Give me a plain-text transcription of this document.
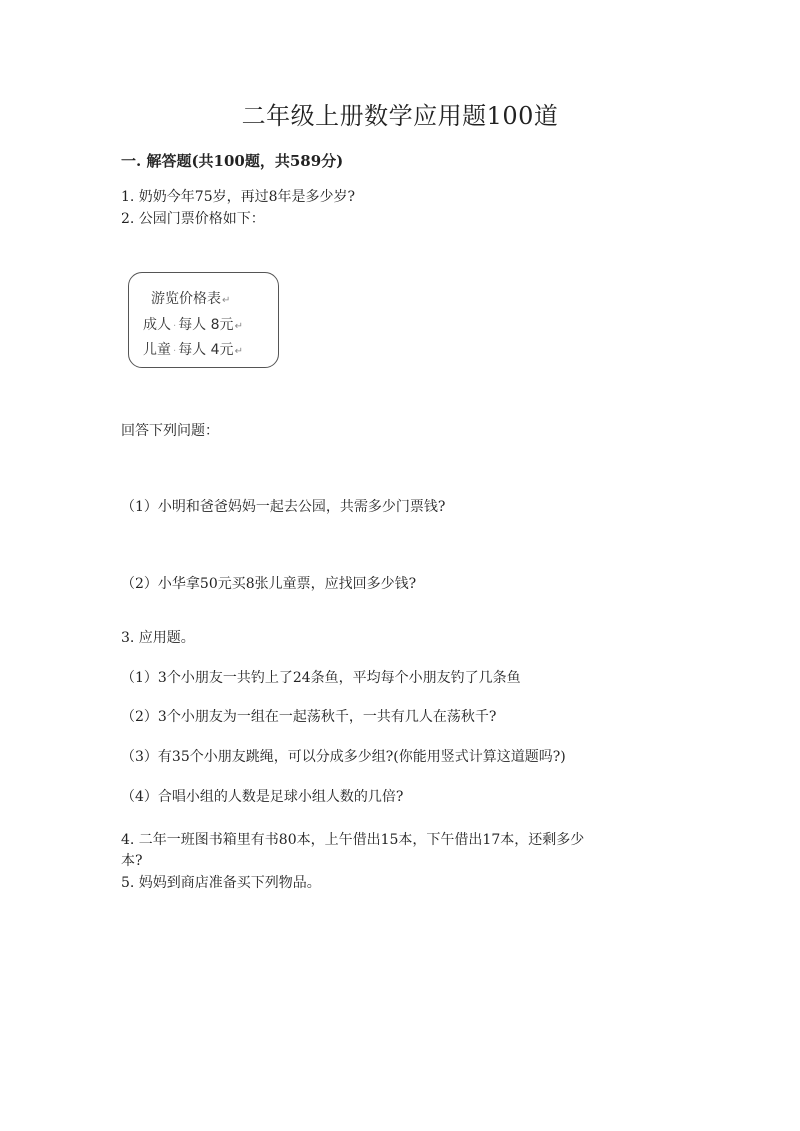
二年级上册数学应用题100道
一. 解答题(共100题，共589分)
1. 奶奶今年75岁，再过8年是多少岁?
2. 公园门票价格如下：
游览价格表↵
成人 · 每人 8元↵
儿童 · 每人 4元↵
回答下列问题：
（1）小明和爸爸妈妈一起去公园，共需多少门票钱?
（2）小华拿50元买8张儿童票，应找回多少钱?
3. 应用题。
（1）3个小朋友一共钓上了24条鱼，平均每个小朋友钓了几条鱼
（2）3个小朋友为一组在一起荡秋千，一共有几人在荡秋千?
（3）有35个小朋友跳绳，可以分成多少组?(你能用竖式计算这道题吗?)
（4）合唱小组的人数是足球小组人数的几倍?
4. 二年一班图书箱里有书80本，上午借出15本，下午借出17本，还剩多少
本?
5. 妈妈到商店准备买下列物品。
